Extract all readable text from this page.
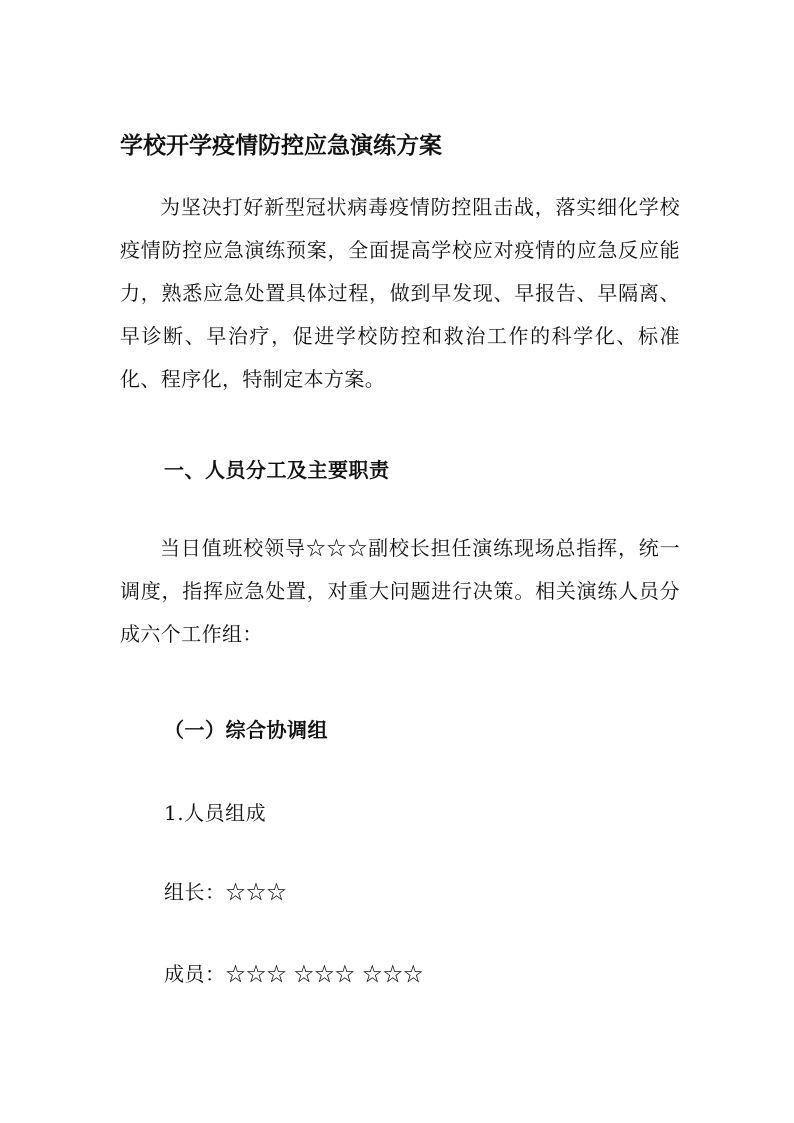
学校开学疫情防控应急演练方案
为坚决打好新型冠状病毒疫情防控阻击战，落实细化学校疫情防控应急演练预案，全面提高学校应对疫情的应急反应能力，熟悉应急处置具体过程，做到早发现、早报告、早隔离、早诊断、早治疗，促进学校防控和救治工作的科学化、标准化、程序化，特制定本方案。
一、人员分工及主要职责
当日值班校领导☆☆☆副校长担任演练现场总指挥，统一调度，指挥应急处置，对重大问题进行决策。相关演练人员分成六个工作组：
（一）综合协调组
1.人员组成
组长：☆☆☆
成员：☆☆☆ ☆☆☆ ☆☆☆
